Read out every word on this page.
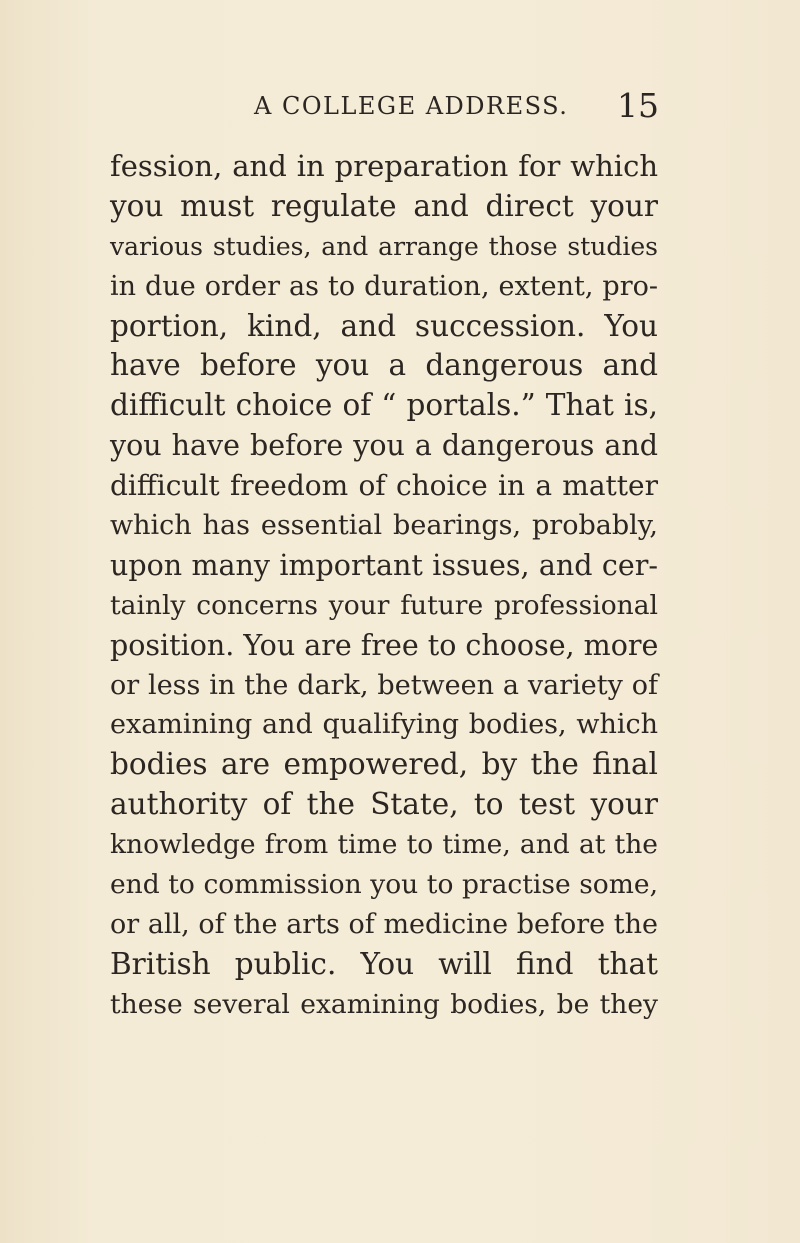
A COLLEGE ADDRESS. 15
fession, and in preparation for which
you must regulate and direct your
various studies, and arrange those studies
in due order as to duration, extent, pro-
portion, kind, and succession. You
have before you a dangerous and
difficult choice of “ portals.” That is,
you have before you a dangerous and
difficult freedom of choice in a matter
which has essential bearings, probably,
upon many important issues, and cer-
tainly concerns your future professional
position. You are free to choose, more
or less in the dark, between a variety of
examining and qualifying bodies, which
bodies are empowered, by the final
authority of the State, to test your
knowledge from time to time, and at the
end to commission you to practise some,
or all, of the arts of medicine before the
British public. You will find that
these several examining bodies, be they
